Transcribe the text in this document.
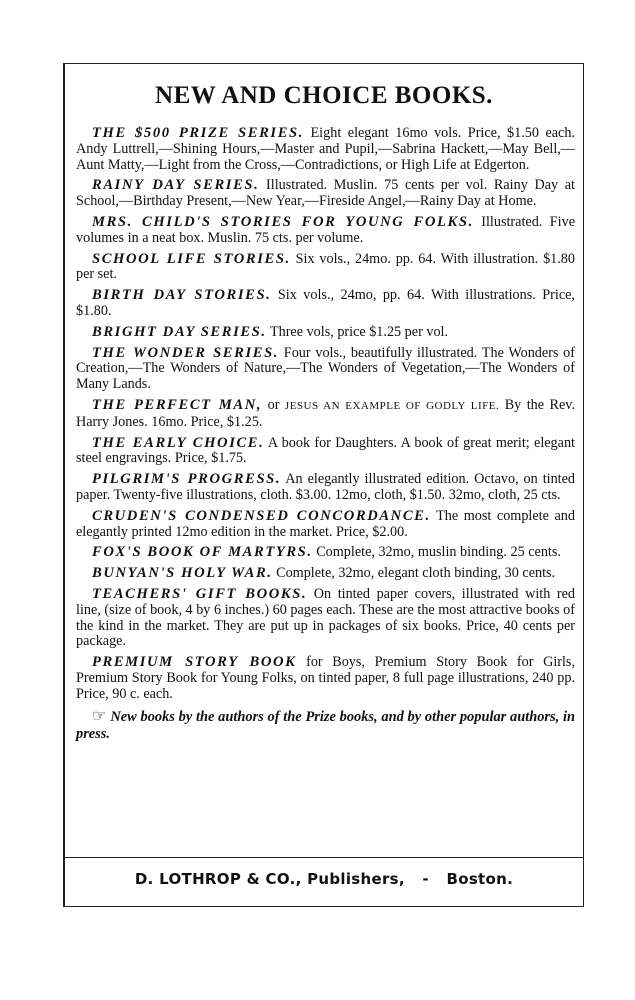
NEW AND CHOICE BOOKS.

THE $500 PRIZE SERIES. Eight elegant 16mo vols. Price, $1.50 each. Andy Luttrell,—Shining Hours,—Master and Pupil,—Sabrina Hackett,—May Bell,—Aunt Matty,—Light from the Cross,—Contradictions, or High Life at Edgerton.

RAINY DAY SERIES. Illustrated. Muslin. 75 cents per vol. Rainy Day at School,—Birthday Present,—New Year,—Fireside Angel,—Rainy Day at Home.

MRS. CHILD'S STORIES FOR YOUNG FOLKS. Illustrated. Five volumes in a neat box. Muslin. 75 cts. per volume.

SCHOOL LIFE STORIES. Six vols., 24mo. pp. 64. With illustration. $1.80 per set.

BIRTH DAY STORIES. Six vols., 24mo, pp. 64. With illustrations. Price, $1.80.

BRIGHT DAY SERIES. Three vols, price $1.25 per vol.

THE WONDER SERIES. Four vols., beautifully illustrated. The Wonders of Creation,—The Wonders of Nature,—The Wonders of Vegetation,—The Wonders of Many Lands.

THE PERFECT MAN, or JESUS AN EXAMPLE OF GODLY LIFE. By the Rev. Harry Jones. 16mo. Price, $1.25.

THE EARLY CHOICE. A book for Daughters. A book of great merit; elegant steel engravings. Price, $1.75.

PILGRIM'S PROGRESS. An elegantly illustrated edition. Octavo, on tinted paper. Twenty-five illustrations, cloth. $3.00. 12mo, cloth, $1.50. 32mo, cloth, 25 cts.

CRUDEN'S CONDENSED CONCORDANCE. The most complete and elegantly printed 12mo edition in the market. Price, $2.00.

FOX'S BOOK OF MARTYRS. Complete, 32mo, muslin binding. 25 cents.

BUNYAN'S HOLY WAR. Complete, 32mo, elegant cloth binding, 30 cents.

TEACHERS' GIFT BOOKS. On tinted paper covers, illustrated with red line, (size of book, 4 by 6 inches.) 60 pages each. These are the most attractive books of the kind in the market. They are put up in packages of six books. Price, 40 cents per package.

PREMIUM STORY BOOK for Boys, Premium Story Book for Girls, Premium Story Book for Young Folks, on tinted paper, 8 full page illustrations, 240 pp. Price, 90 c. each.

☞ New books by the authors of the Prize books, and by other popular authors, in press.

D. LOTHROP & CO., Publishers, - Boston.
